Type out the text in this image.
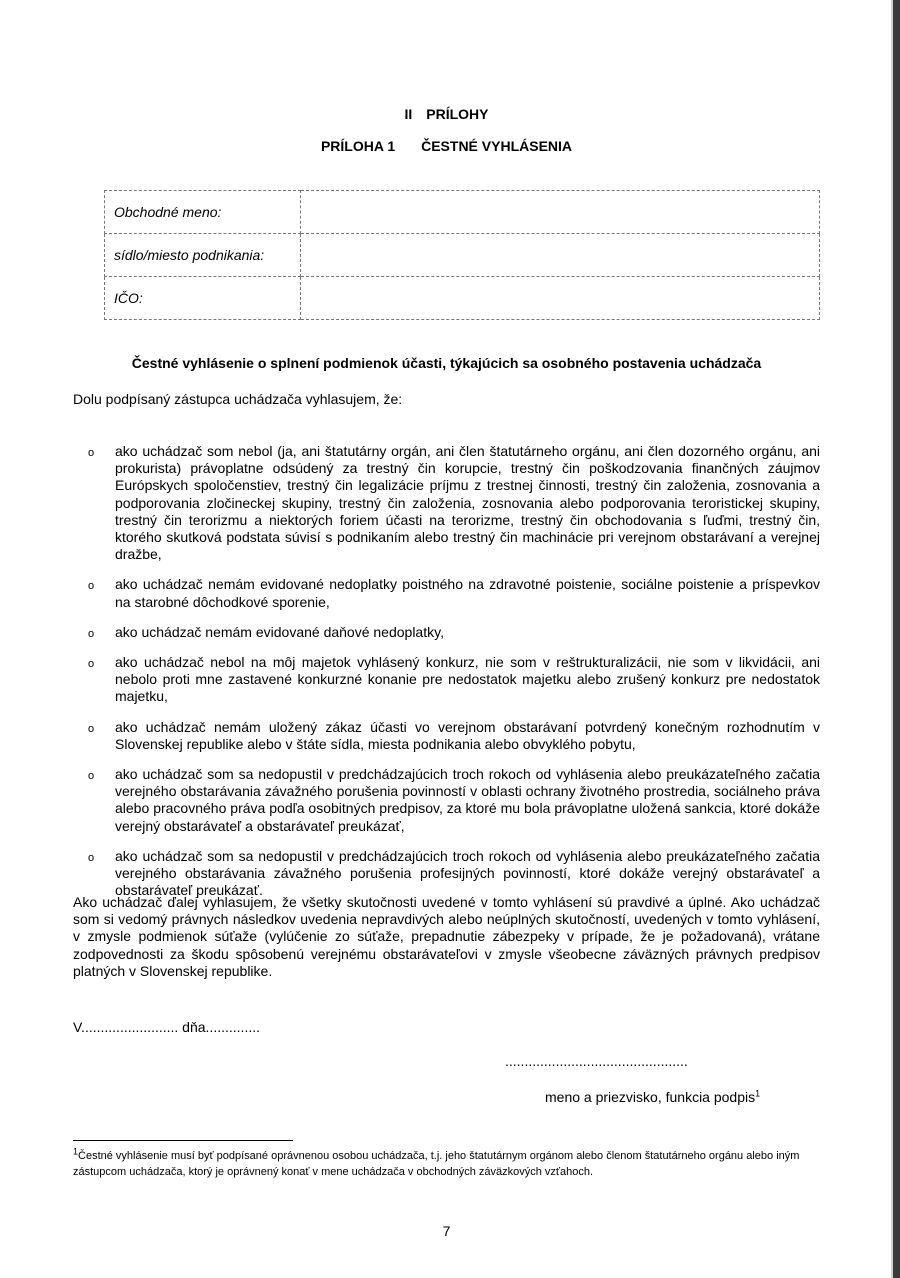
II PRÍLOHY
PRÍLOHA 1 ČESTNÉ VYHLÁSENIA
Obchodné meno:	
sídlo/miesto podnikania:	
IČO:	
Čestné vyhlásenie o splnení podmienok účasti, týkajúcich sa osobného postavenia uchádzača
Dolu podpísaný zástupca uchádzača vyhlasujem, že:
o ako uchádzač som nebol (ja, ani štatutárny orgán, ani člen štatutárneho orgánu, ani člen dozorného orgánu, ani prokurista) právoplatne odsúdený za trestný čin korupcie, trestný čin poškodzovania finančných záujmov Európskych spoločenstiev, trestný čin legalizácie príjmu z trestnej činnosti, trestný čin založenia, zosnovania a podporovania zločineckej skupiny, trestný čin založenia, zosnovania alebo podporovania teroristickej skupiny, trestný čin terorizmu a niektorých foriem účasti na terorizme, trestný čin obchodovania s ľuďmi, trestný čin, ktorého skutková podstata súvisí s podnikaním alebo trestný čin machinácie pri verejnom obstarávaní a verejnej dražbe,
o ako uchádzač nemám evidované nedoplatky poistného na zdravotné poistenie, sociálne poistenie a príspevkov na starobné dôchodkové sporenie,
o ako uchádzač nemám evidované daňové nedoplatky,
o ako uchádzač nebol na môj majetok vyhlásený konkurz, nie som v reštrukturalizácii, nie som v likvidácii, ani nebolo proti mne zastavené konkurzné konanie pre nedostatok majetku alebo zrušený konkurz pre nedostatok majetku,
o ako uchádzač nemám uložený zákaz účasti vo verejnom obstarávaní potvrdený konečným rozhodnutím v Slovenskej republike alebo v štáte sídla, miesta podnikania alebo obvyklého pobytu,
o ako uchádzač som sa nedopustil v predchádzajúcich troch rokoch od vyhlásenia alebo preukázateľného začatia verejného obstarávania závažného porušenia povinností v oblasti ochrany životného prostredia, sociálneho práva alebo pracovného práva podľa osobitných predpisov, za ktoré mu bola právoplatne uložená sankcia, ktoré dokáže verejný obstarávateľ a obstarávateľ preukázať,
o ako uchádzač som sa nedopustil v predchádzajúcich troch rokoch od vyhlásenia alebo preukázateľného začatia verejného obstarávania závažného porušenia profesijných povinností, ktoré dokáže verejný obstarávateľ a obstarávateľ preukázať.
Ako uchádzač ďalej vyhlasujem, že všetky skutočnosti uvedené v tomto vyhlásení sú pravdivé a úplné. Ako uchádzač som si vedomý právnych následkov uvedenia nepravdivých alebo neúplných skutočností, uvedených v tomto vyhlásení, v zmysle podmienok súťaže (vylúčenie zo súťaže, prepadnutie zábezpeky v prípade, že je požadovaná), vrátane zodpovednosti za škodu spôsobenú verejnému obstarávateľovi v zmysle všeobecne záväzných právnych predpisov platných v Slovenskej republike.
V......................... dňa..............
...............................................
meno a priezvisko, funkcia podpis$^1$
$^1$Čestné vyhlásenie musí byť podpísané oprávnenou osobou uchádzača, t.j. jeho štatutárnym orgánom alebo členom štatutárneho orgánu alebo iným zástupcom uchádzača, ktorý je oprávnený konať v mene uchádzača v obchodných záväzkových vzťahoch.
7
